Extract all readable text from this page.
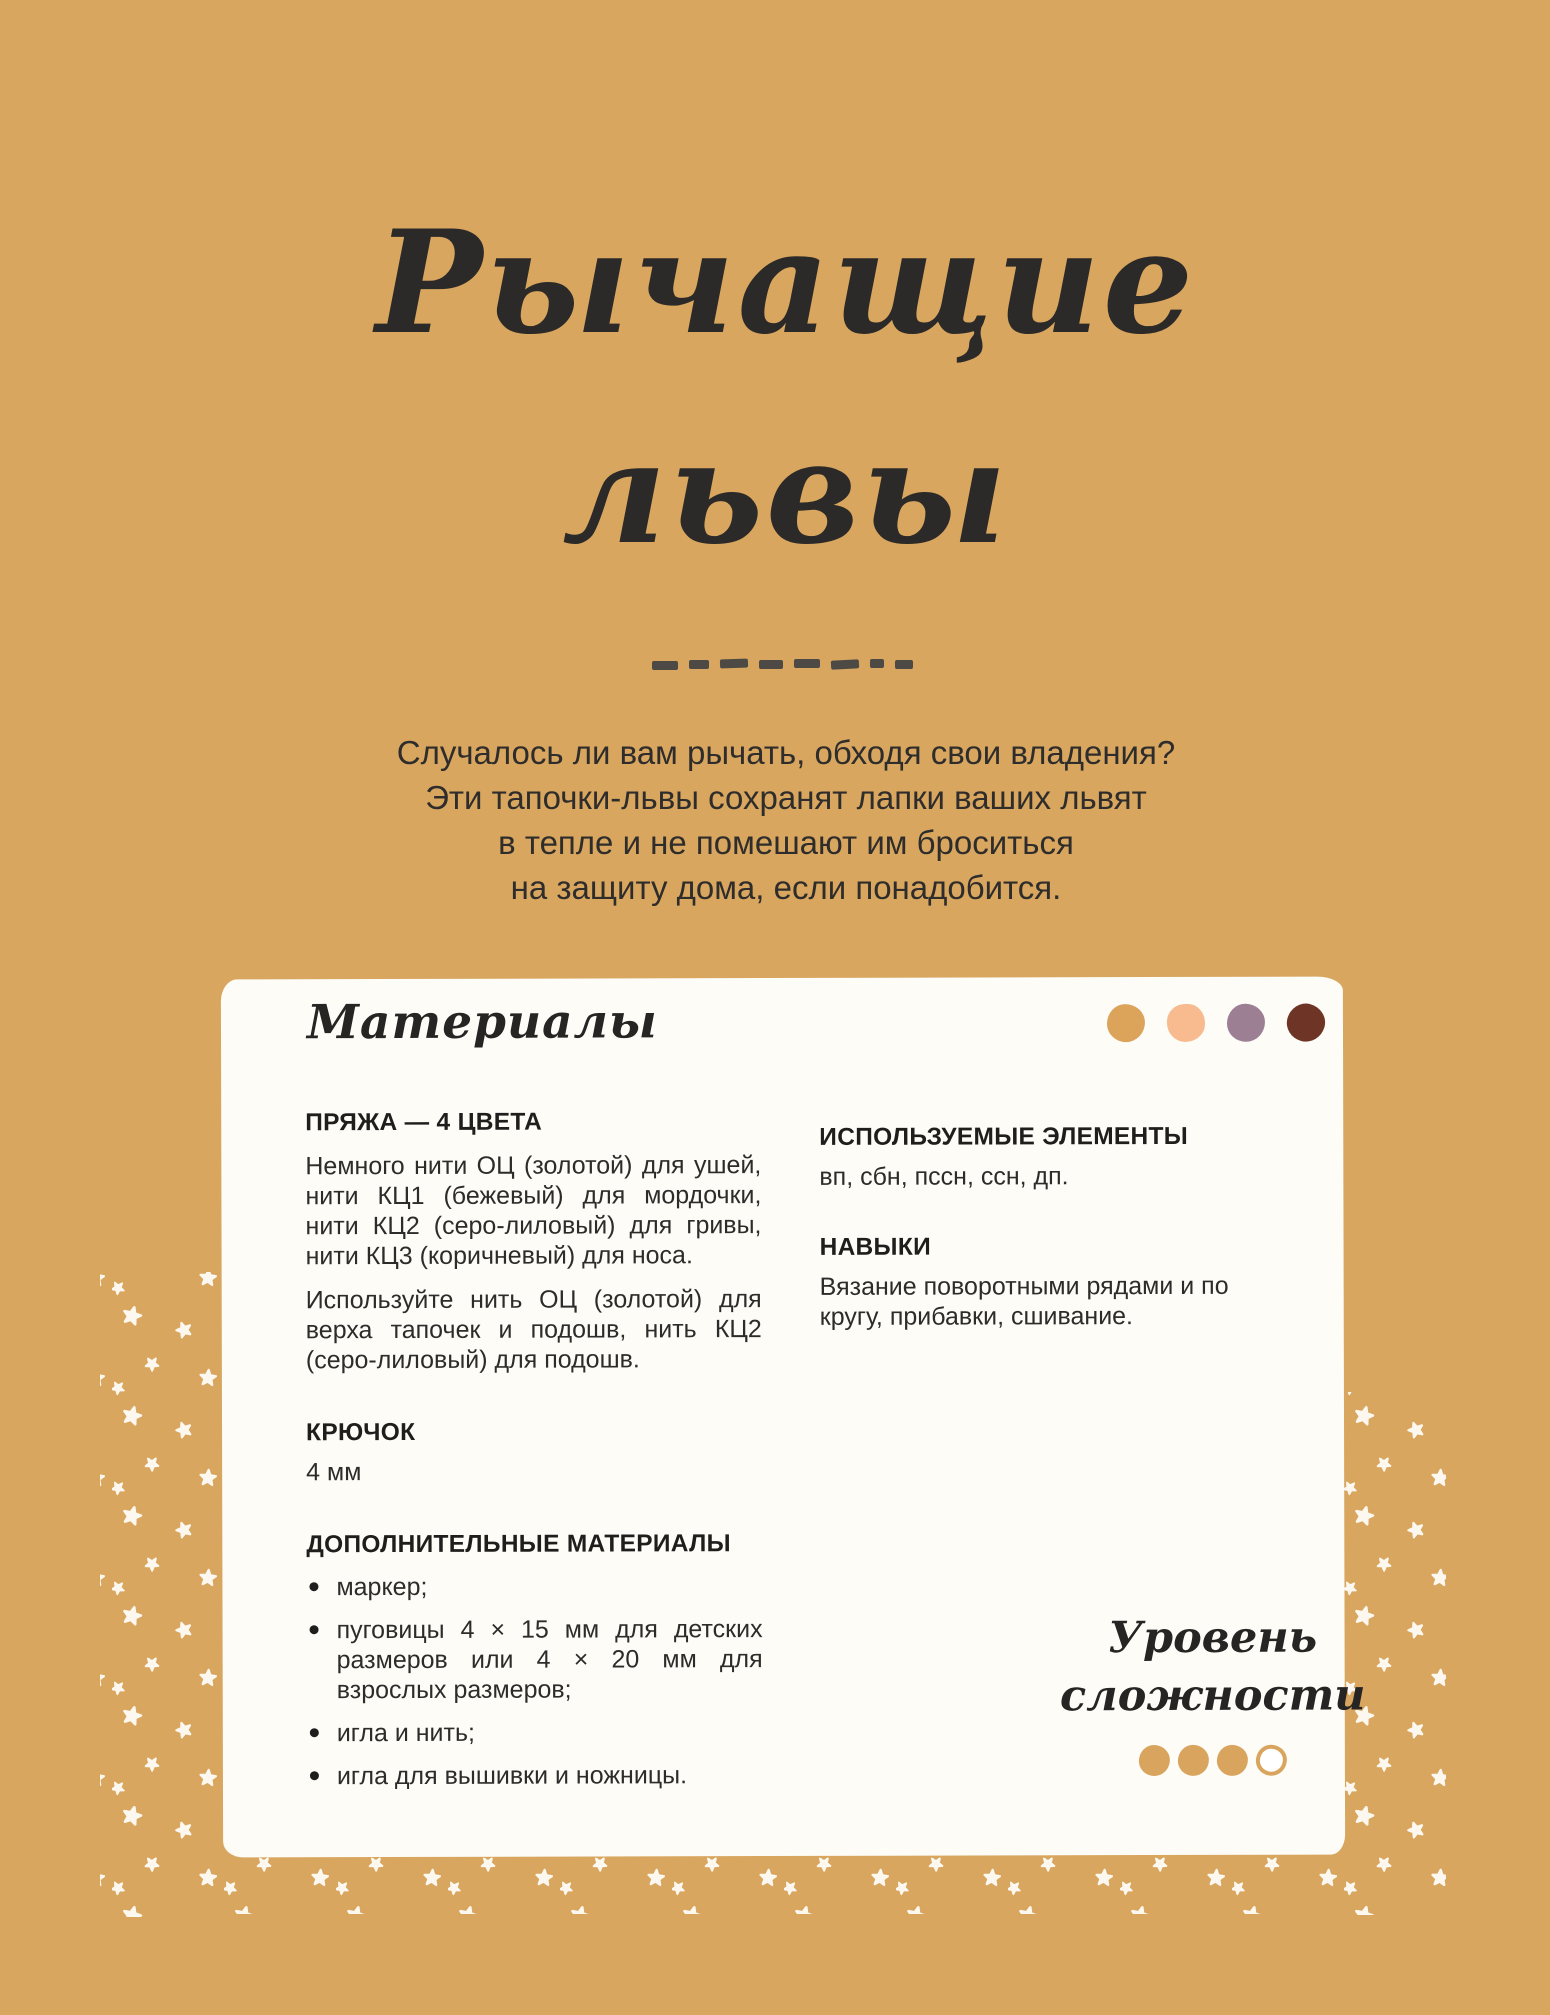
Рычащие
львы
Случалось ли вам рычать, обходя свои владения?
Эти тапочки-львы сохранят лапки ваших львят
в тепле и не помешают им броситься
на защиту дома, если понадобится.
Материалы
ПРЯЖА — 4 ЦВЕТА

Немного нити ОЦ (золотой) для ушей, нити КЦ1 (бежевый) для мордочки, нити КЦ2 (серо-лиловый) для гривы, нити КЦ3 (коричневый) для носа.

Используйте нить ОЦ (золотой) для верха тапочек и подошв, нить КЦ2 (серо-лиловый) для подошв.

КРЮЧОК

4 мм

ДОПОЛНИТЕЛЬНЫЕ МАТЕРИАЛЫ
маркер;
пуговицы 4 × 15 мм для детских размеров или 4 × 20 мм для взрослых размеров;
игла и нить;
игла для вышивки и ножницы.
ИСПОЛЬЗУЕМЫЕ ЭЛЕМЕНТЫ

вп, сбн, пссн, ссн, дп.

НАВЫКИ

Вязание поворотными рядами и по кругу, прибавки, сшивание.

Уровень
сложности
